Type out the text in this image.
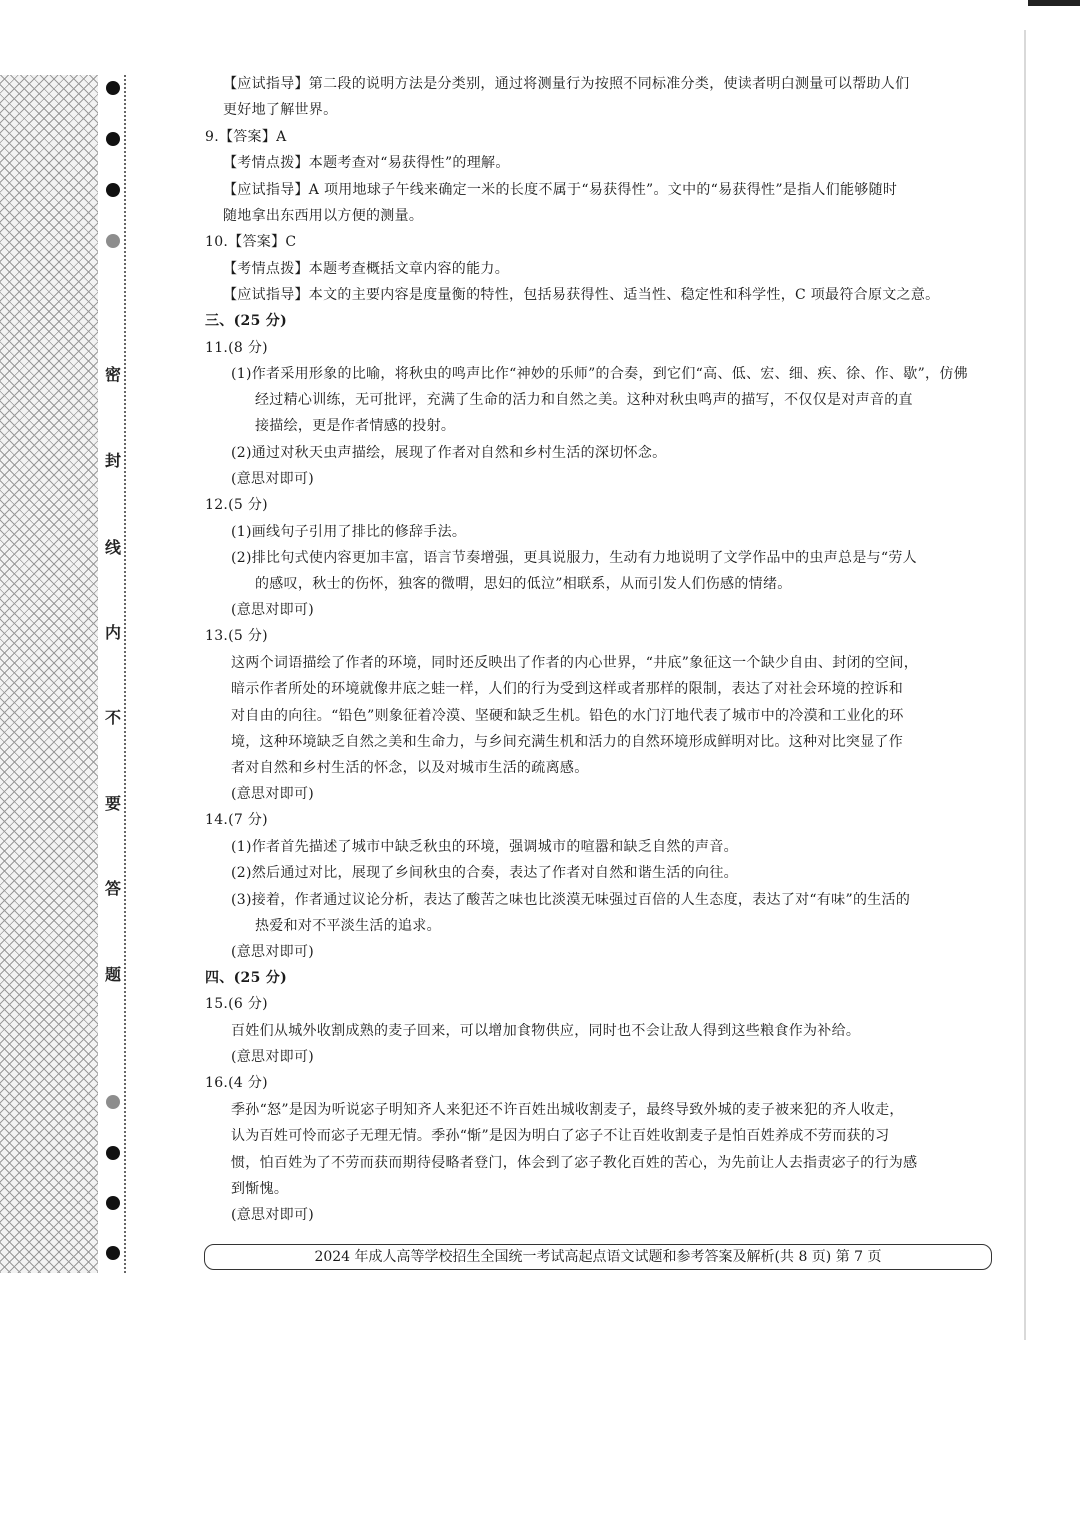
密
封
线
内
不
要
答
题
【应试指导】第二段的说明方法是分类别，通过将测量行为按照不同标准分类，使读者明白测量可以帮助人们
更好地了解世界。
9.【答案】A
【考情点拨】本题考查对“易获得性”的理解。
【应试指导】A 项用地球子午线来确定一米的长度不属于“易获得性”。文中的“易获得性”是指人们能够随时
随地拿出东西用以方便的测量。
10.【答案】C
【考情点拨】本题考查概括文章内容的能力。
【应试指导】本文的主要内容是度量衡的特性，包括易获得性、适当性、稳定性和科学性，C 项最符合原文之意。
三、(25 分)
11.(8 分)
(1)作者采用形象的比喻，将秋虫的鸣声比作“神妙的乐师”的合奏，到它们“高、低、宏、细、疾、徐、作、歇”，仿佛
经过精心训练，无可批评，充满了生命的活力和自然之美。这种对秋虫鸣声的描写，不仅仅是对声音的直
接描绘，更是作者情感的投射。
(2)通过对秋天虫声描绘，展现了作者对自然和乡村生活的深切怀念。
(意思对即可)
12.(5 分)
(1)画线句子引用了排比的修辞手法。
(2)排比句式使内容更加丰富，语言节奏增强，更具说服力，生动有力地说明了文学作品中的虫声总是与“劳人
的感叹，秋士的伤怀，独客的微喟，思妇的低泣”相联系，从而引发人们伤感的情绪。
(意思对即可)
13.(5 分)
这两个词语描绘了作者的环境，同时还反映出了作者的内心世界，“井底”象征这一个缺少自由、封闭的空间，
暗示作者所处的环境就像井底之蛙一样，人们的行为受到这样或者那样的限制，表达了对社会环境的控诉和
对自由的向往。“铅色”则象征着冷漠、坚硬和缺乏生机。铅色的水门汀地代表了城市中的冷漠和工业化的环
境，这种环境缺乏自然之美和生命力，与乡间充满生机和活力的自然环境形成鲜明对比。这种对比突显了作
者对自然和乡村生活的怀念，以及对城市生活的疏离感。
(意思对即可)
14.(7 分)
(1)作者首先描述了城市中缺乏秋虫的环境，强调城市的喧嚣和缺乏自然的声音。
(2)然后通过对比，展现了乡间秋虫的合奏，表达了作者对自然和谐生活的向往。
(3)接着，作者通过议论分析，表达了酸苦之味也比淡漠无味强过百倍的人生态度，表达了对“有味”的生活的
热爱和对不平淡生活的追求。
(意思对即可)
四、(25 分)
15.(6 分)
百姓们从城外收割成熟的麦子回来，可以增加食物供应，同时也不会让敌人得到这些粮食作为补给。
(意思对即可)
16.(4 分)
季孙“怒”是因为听说宓子明知齐人来犯还不许百姓出城收割麦子，最终导致外城的麦子被来犯的齐人收走，
认为百姓可怜而宓子无理无情。季孙“惭”是因为明白了宓子不让百姓收割麦子是怕百姓养成不劳而获的习
惯，怕百姓为了不劳而获而期待侵略者登门，体会到了宓子教化百姓的苦心，为先前让人去指责宓子的行为感
到惭愧。
(意思对即可)
2024 年成人高等学校招生全国统一考试高起点语文试题和参考答案及解析(共 8 页) 第 7 页
